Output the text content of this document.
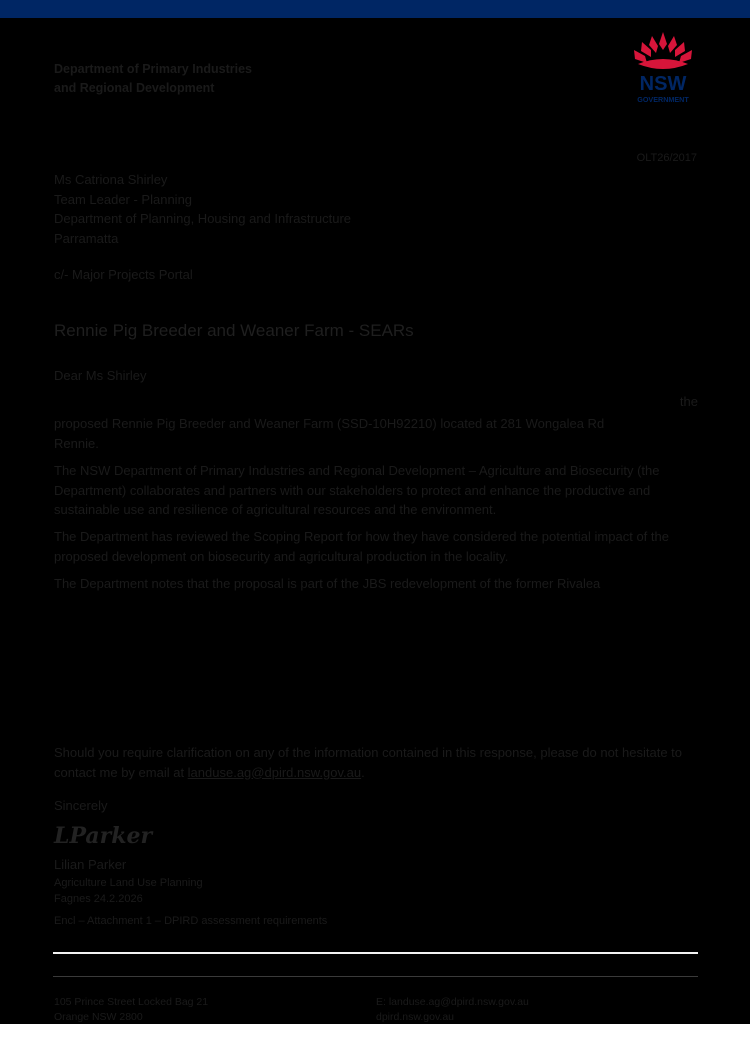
Department of Primary Industries
and Regional Development	NSW
GOVERNMENT
OLT26/2017
Ms Catriona Shirley
Team Leader - Planning
Department of Planning, Housing and Infrastructure
Parramatta
c/- Major Projects Portal
Rennie Pig Breeder and Weaner Farm - SEARs
Dear Ms Shirley
the
proposed Rennie Pig Breeder and Weaner Farm (SSD-10H92210) located at 281 Wongalea Rd
Rennie.
The NSW Department of Primary Industries and Regional Development – Agriculture and Biosecurity (the Department) collaborates and partners with our stakeholders to protect and enhance the productive and sustainable use and resilience of agricultural resources and the environment.
The Department has reviewed the Scoping Report for how they have considered the potential impact of the proposed development on biosecurity and agricultural production in the locality.
The Department notes that the proposal is part of the JBS redevelopment of the former Rivalea
Should you require clarification on any of the information contained in this response, please do not hesitate to contact me by email at landuse.ag@dpird.nsw.gov.au.
Sincerely
LParker
Lilian Parker
Agriculture Land Use Planning
Fagnes 24.2.2026
Encl – Attachment 1 – DPIRD assessment requirements
105 Prince Street Locked Bag 21
Orange NSW 2800
E: landuse.ag@dpird.nsw.gov.au
dpird.nsw.gov.au
